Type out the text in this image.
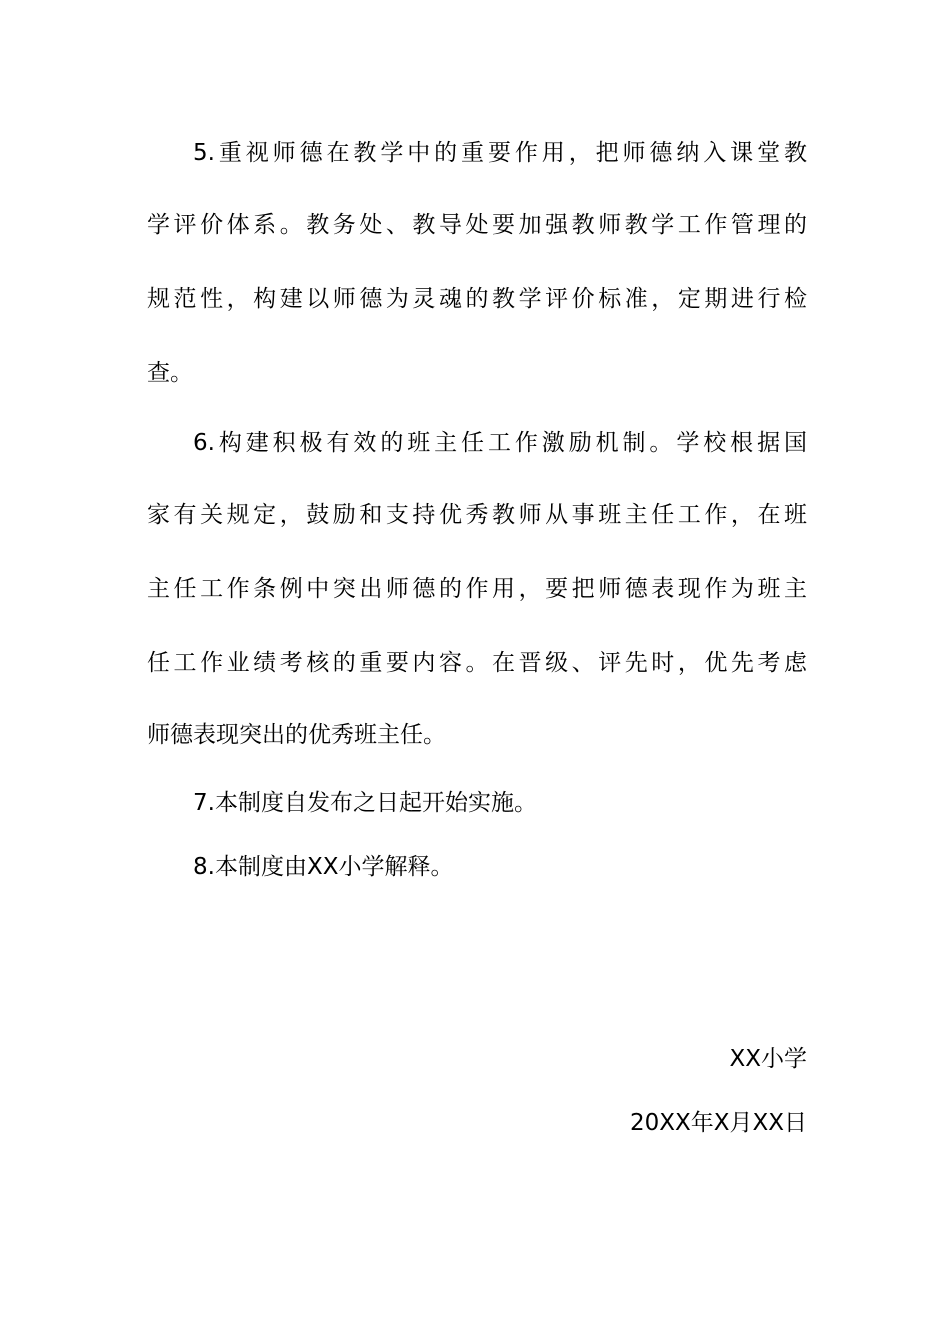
5.重视师德在教学中的重要作用，把师德纳入课堂教
学评价体系。教务处、教导处要加强教师教学工作管理的
规范性，构建以师德为灵魂的教学评价标准，定期进行检
查。
6.构建积极有效的班主任工作激励机制。学校根据国
家有关规定，鼓励和支持优秀教师从事班主任工作，在班
主任工作条例中突出师德的作用，要把师德表现作为班主
任工作业绩考核的重要内容。在晋级、评先时，优先考虑
师德表现突出的优秀班主任。
7.本制度自发布之日起开始实施。
8.本制度由XX小学解释。
XX小学
20XX年X月XX日
